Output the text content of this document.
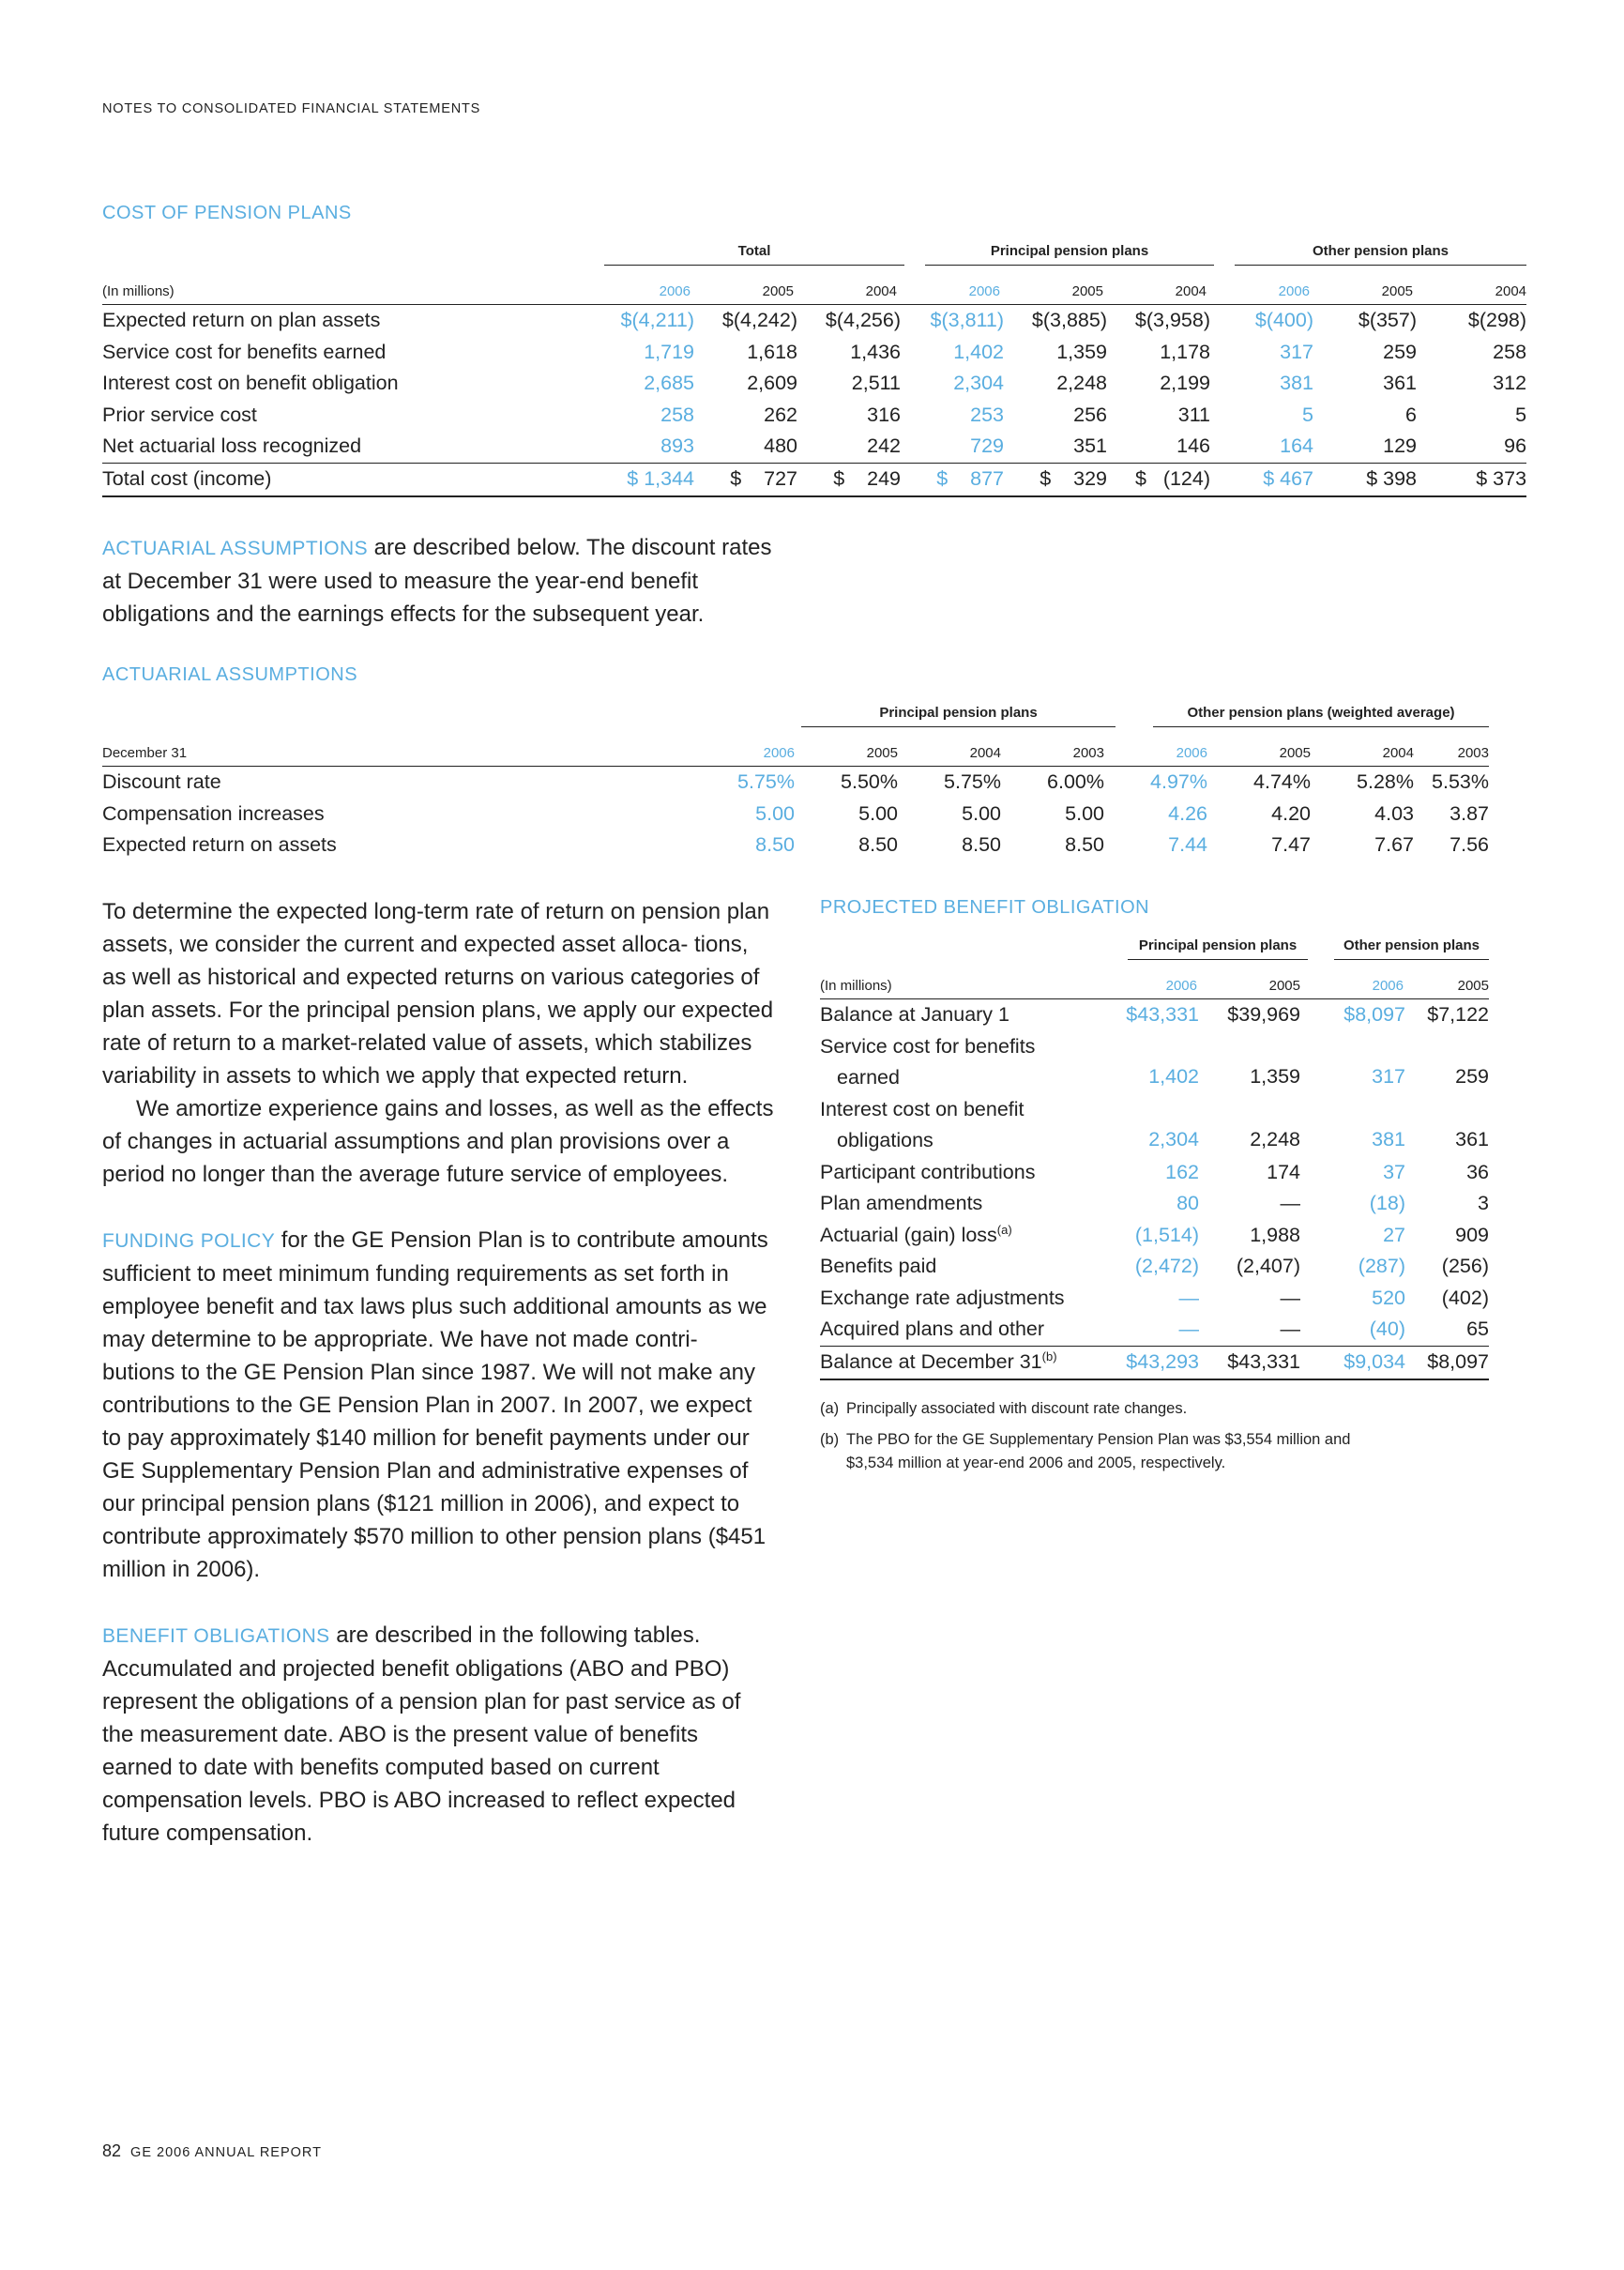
NOTES TO CONSOLIDATED FINANCIAL STATEMENTS
COST OF PENSION PLANS

	Total			Principal pension plans			Other pension plans		

(In millions)	2006	2005	2004	2006	2005	2004	2006	2005	2004
Expected return on plan assets	$(4,211)	$(4,242)	$(4,256)	$(3,811)	$(3,885)	$(3,958)	$(400)	$(357)	$(298)
Service cost for benefits earned	1,719	1,618	1,436	1,402	1,359	1,178	317	259	258
Interest cost on benefit obligation	2,685	2,609	2,511	2,304	2,248	2,199	381	361	312
Prior service cost	258	262	316	253	256	311	5	6	5
Net actuarial loss recognized	893	480	242	729	351	146	164	129	96
Total cost (income)	$ 1,344	$    727	$    249	$    877	$    329	$   (124)	$ 467	$ 398	$ 373

ACTUARIAL ASSUMPTIONS are described below. The discount rates at December 31 were used to measure the year-end benefit obligations and the earnings effects for the subsequent year.

ACTUARIAL ASSUMPTIONS

	Principal pension plans				Other pension plans (weighted average)			

December 31	2006	2005	2004	2003	2006	2005	2004	2003
Discount rate	5.75%	5.50%	5.75%	6.00%	4.97%	4.74%	5.28%	5.53%
Compensation increases	5.00	5.00	5.00	5.00	4.26	4.20	4.03	3.87
Expected return on assets	8.50	8.50	8.50	8.50	7.44	7.47	7.67	7.56

To determine the expected long-term rate of return on pension plan assets, we consider the current and expected asset alloca- tions, as well as historical and expected returns on various categories of plan assets. For the principal pension plans, we apply our expected rate of return to a market-related value of assets, which stabilizes variability in assets to which we apply that expected return.

We amortize experience gains and losses, as well as the effects of changes in actuarial assumptions and plan provisions over a period no longer than the average future service of employees.

FUNDING POLICY for the GE Pension Plan is to contribute amounts sufficient to meet minimum funding requirements as set forth in employee benefit and tax laws plus such additional amounts as we may determine to be appropriate. We have not made contri- butions to the GE Pension Plan since 1987. We will not make any contributions to the GE Pension Plan in 2007. In 2007, we expect to pay approximately $140 million for benefit payments under our GE Supplementary Pension Plan and administrative expenses of our principal pension plans ($121 million in 2006), and expect to contribute approximately $570 million to other pension plans ($451 million in 2006).

BENEFIT OBLIGATIONS are described in the following tables. Accumulated and projected benefit obligations (ABO and PBO) represent the obligations of a pension plan for past service as of the measurement date. ABO is the present value of benefits earned to date with benefits computed based on current compensation levels. PBO is ABO increased to reflect expected future compensation.

PROJECTED BENEFIT OBLIGATION

	Principal pension plans		Other pension plans	

(In millions)	2006	2005	2006	2005
Balance at January 1	$43,331	$39,969	$8,097	$7,122

Service cost for benefits
earned	1,402	1,359	317	259

Interest cost on benefit
obligations	2,304	2,248	381	361
Participant contributions	162	174	37	36
Plan amendments	80	—	(18)	3
Actuarial (gain) loss$^{(a)}$	(1,514)	1,988	27	909
Benefits paid	(2,472)	(2,407)	(287)	(256)
Exchange rate adjustments	—	—	520	(402)
Acquired plans and other	—	—	(40)	65
Balance at December 31$^{(b)}$	$43,293	$43,331	$9,034	$8,097

(a) Principally associated with discount rate changes.

(b) The PBO for the GE Supplementary Pension Plan was $3,554 million and
$3,534 million at year-end 2006 and 2005, respectively.

82 GE 2006 ANNUAL REPORT
